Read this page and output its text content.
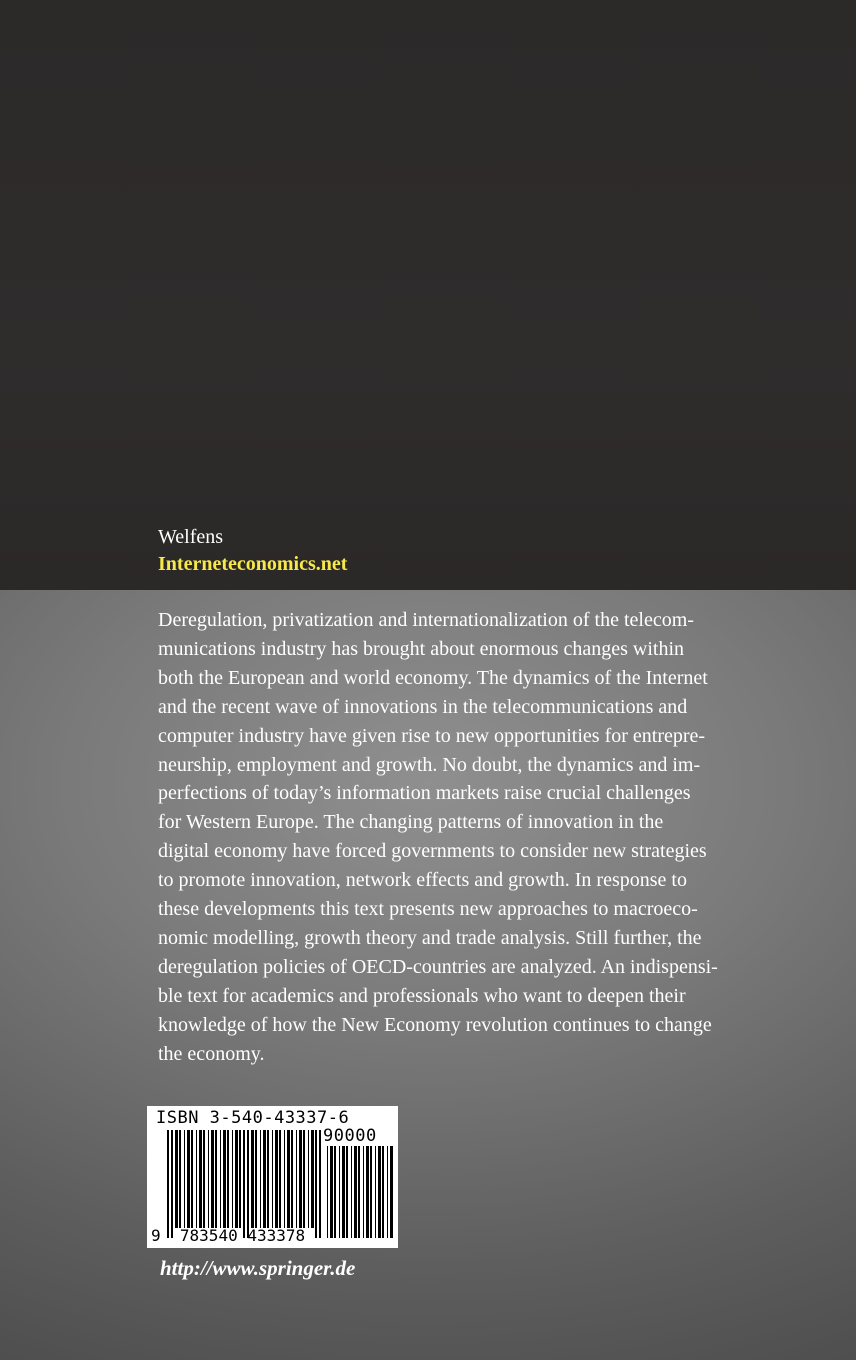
Welfens

Interneteconomics.net

Deregulation, privatization and internationalization of the telecom-
munications industry has brought about enormous changes within
both the European and world economy. The dynamics of the Internet
and the recent wave of innovations in the telecommunications and
computer industry have given rise to new opportunities for entrepre-
neurship, employment and growth. No doubt, the dynamics and im-
perfections of today’s information markets raise crucial challenges
for Western Europe. The changing patterns of innovation in the
digital economy have forced governments to consider new strategies
to promote innovation, network effects and growth. In response to
these developments this text presents new approaches to macroeco-
nomic modelling, growth theory and trade analysis. Still further, the
deregulation policies of OECD-countries are analyzed. An indispensi-
ble text for academics and professionals who want to deepen their
knowledge of how the New Economy revolution continues to change
the economy.
ISBN 3-540-43337-6
90000
9 783540 433378

http://www.springer.de
